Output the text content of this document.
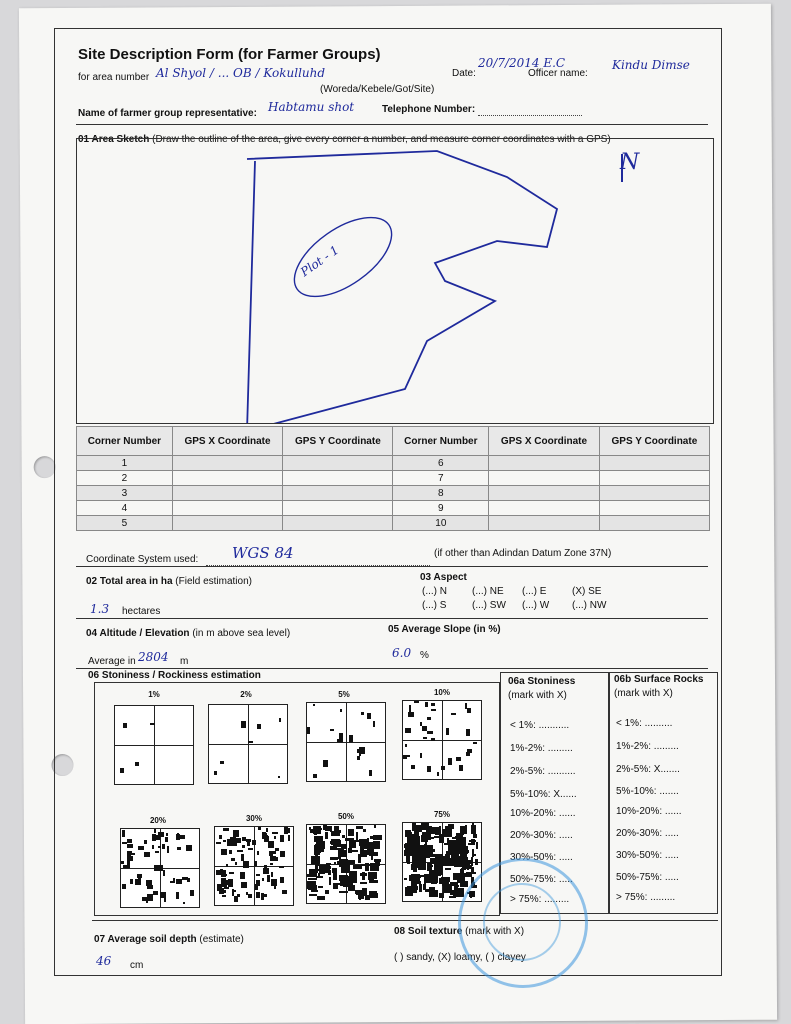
Site Description Form (for Farmer Groups)
for area number Al Shyol / ... OB / Kokulluhd
(Woreda/Kebele/Got/Site)
Date:
20/7/2014 E.C
Officer name:
Kindu Dimse
Name of farmer group representative: Habtamu shot	Telephone Number:
01 Area Sketch (Draw the outline of the area, give every corner a number, and measure corner coordinates with a GPS)
Plot - 1
N
Corner Number	GPS X Coordinate	GPS Y Coordinate	Corner Number	GPS X Coordinate	GPS Y Coordinate
1			6		
2			7		
3			8		
4			9		
5			10		
Coordinate System used: WGS 84	(if other than Adindan Datum Zone 37N)
02 Total area in ha (Field estimation)
1.3 hectares
03 Aspect
(...) N	(...) NE (...) E	(X) SE
(...) S	(...) SW (...) W (...) NW
04 Altitude / Elevation (in m above sea level)
Average in 2804 m
05 Average Slope (in %)
6.0 %
06 Stoniness / Rockiness estimation
1%	2%	5%	10%
20%	30%	50%	75%
06a Stoniness
(mark with X)
06b Surface Rocks
(mark with X)
< 1%: ...........
1%-2%: .........
2%-5%: ..........
5%-10%: X......
10%-20%: ......
20%-30%: .....
30%-50%: .....
50%-75%: .....
> 75%: .........
< 1%: ..........
1%-2%: .........
2%-5%: X.......
5%-10%: .......
10%-20%: ......
20%-30%: .....
30%-50%: .....
50%-75%: .....
> 75%: .........
07 Average soil depth (estimate)
46 cm
08 Soil texture (mark with X)
( ) sandy, (X) loamy, ( ) clayey
